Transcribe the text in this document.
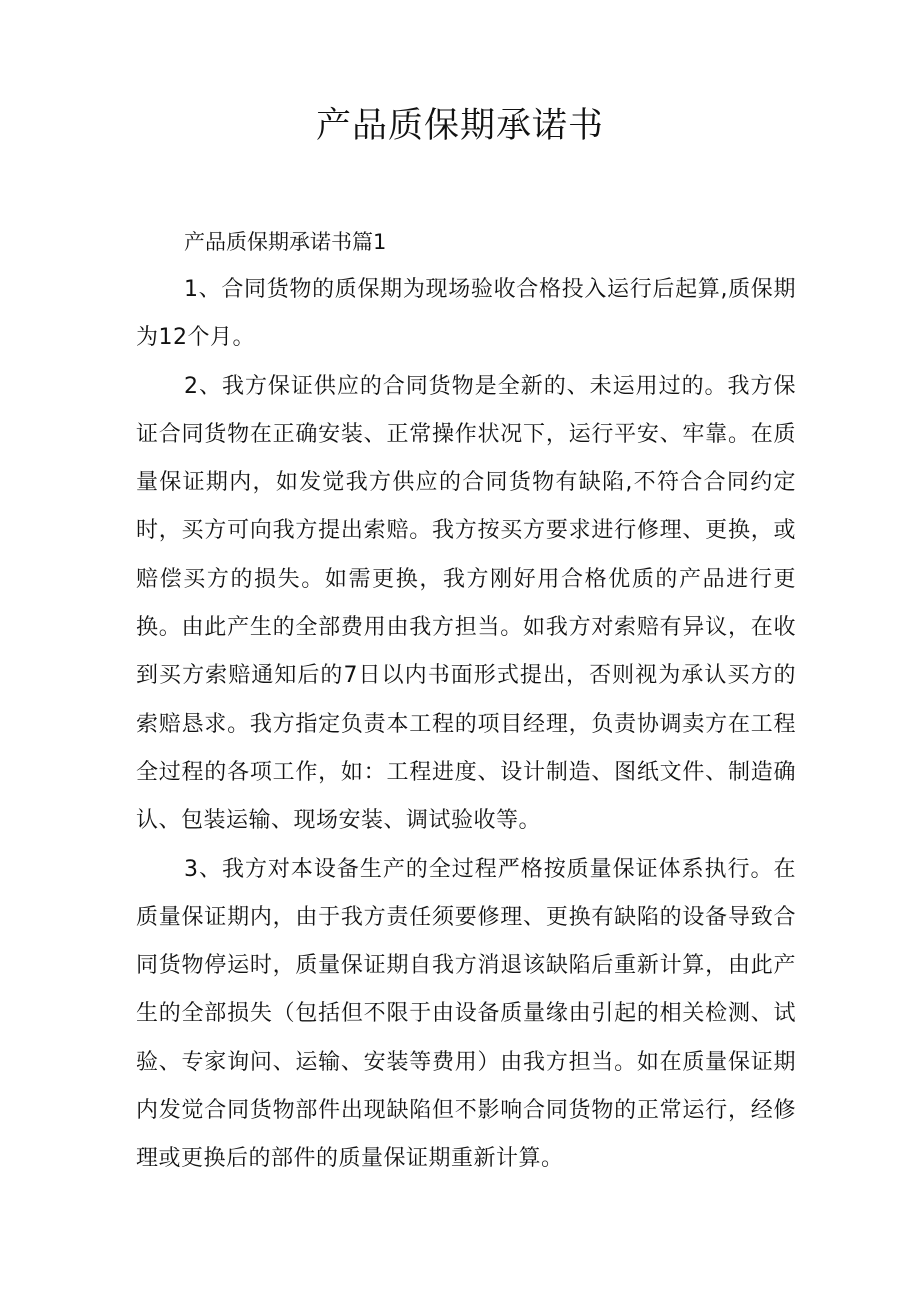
产品质保期承诺书

产品质保期承诺书篇1

1、合同货物的质保期为现场验收合格投入运行后起算,质保期为12个月。

2、我方保证供应的合同货物是全新的、未运用过的。我方保证合同货物在正确安装、正常操作状况下，运行平安、牢靠。在质量保证期内，如发觉我方供应的合同货物有缺陷,不符合合同约定时，买方可向我方提出索赔。我方按买方要求进行修理、更换，或赔偿买方的损失。如需更换，我方刚好用合格优质的产品进行更换。由此产生的全部费用由我方担当。如我方对索赔有异议，在收到买方索赔通知后的7日以内书面形式提出，否则视为承认买方的索赔恳求。我方指定负责本工程的项目经理，负责协调卖方在工程全过程的各项工作，如：工程进度、设计制造、图纸文件、制造确认、包装运输、现场安装、调试验收等。

3、我方对本设备生产的全过程严格按质量保证体系执行。在质量保证期内，由于我方责任须要修理、更换有缺陷的设备导致合同货物停运时，质量保证期自我方消退该缺陷后重新计算，由此产生的全部损失（包括但不限于由设备质量缘由引起的相关检测、试验、专家询问、运输、安装等费用）由我方担当。如在质量保证期内发觉合同货物部件出现缺陷但不影响合同货物的正常运行，经修理或更换后的部件的质量保证期重新计算。
